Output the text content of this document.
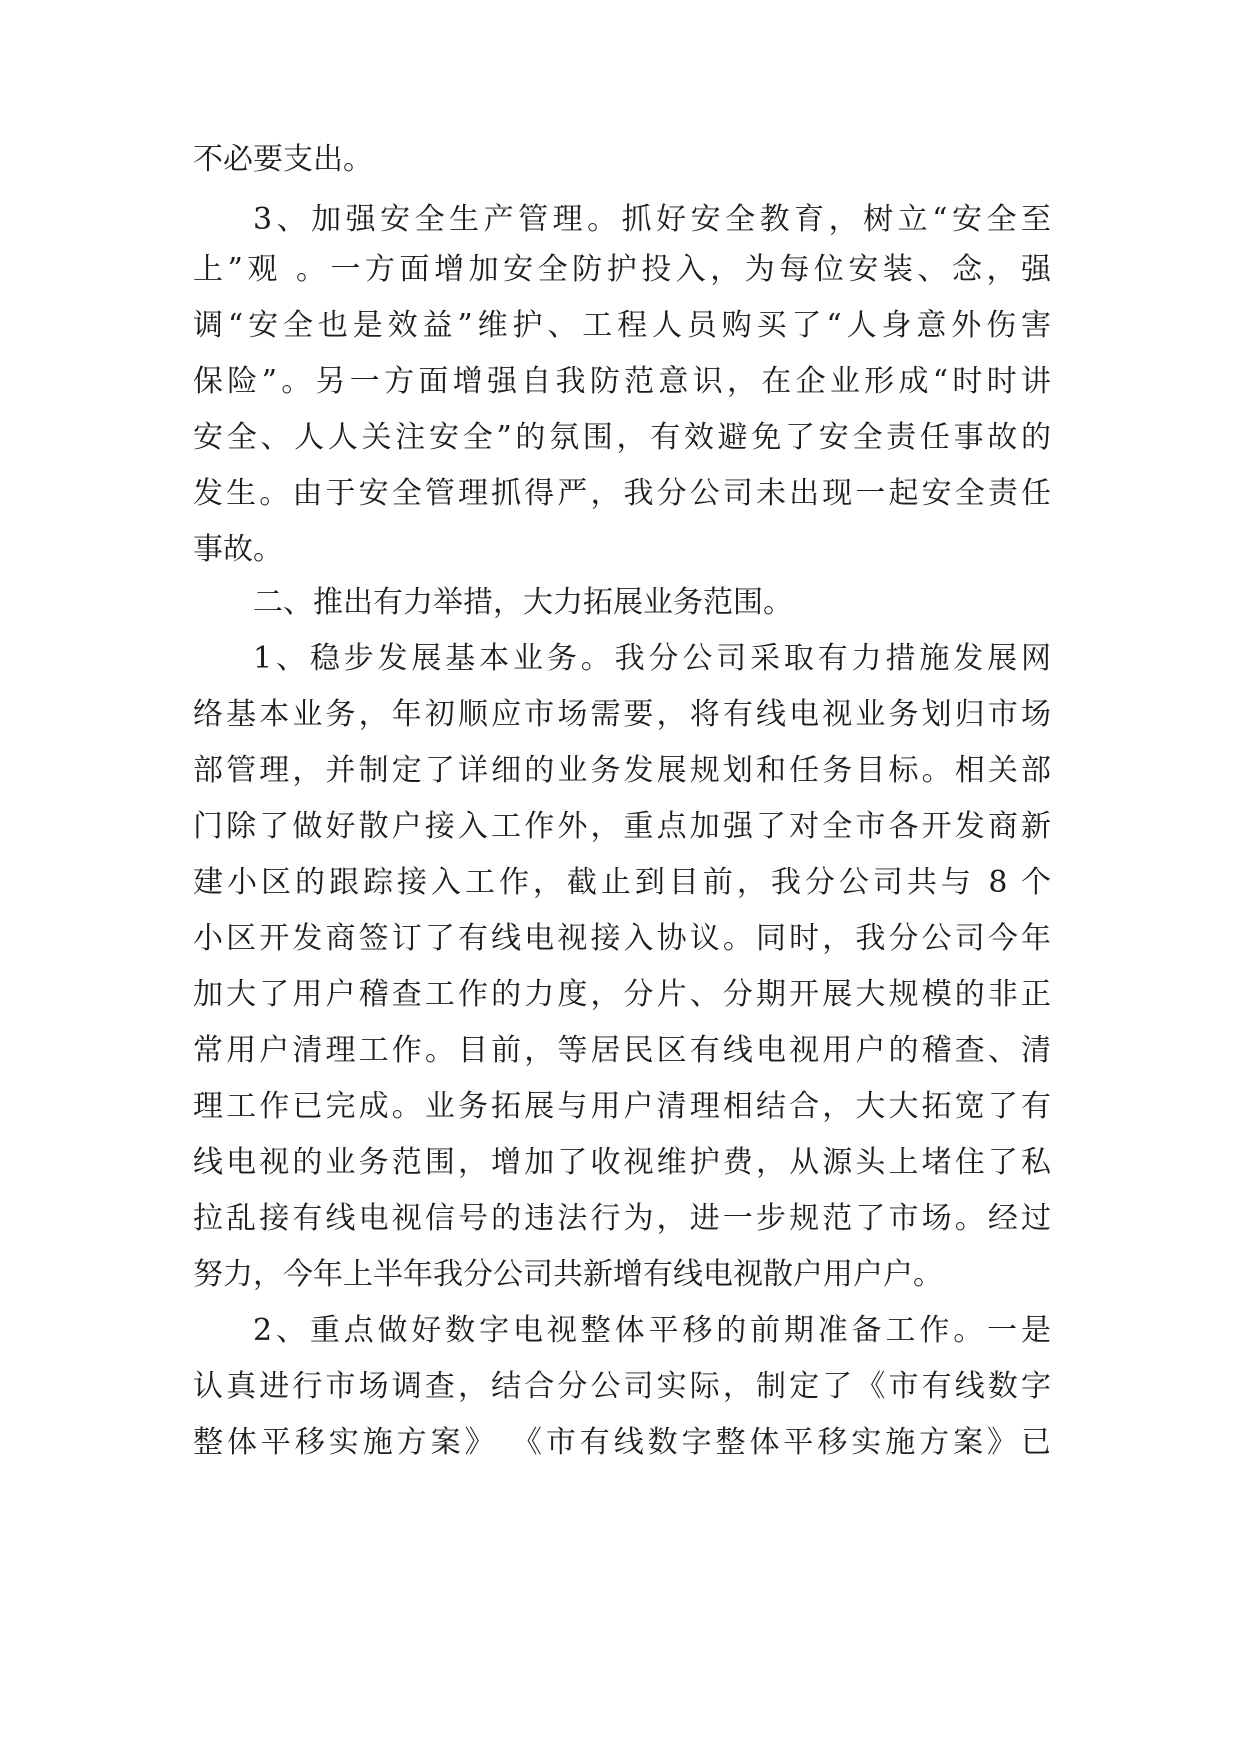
不必要支出。
3、加强安全生产管理。抓好安全教育，树立“安全至
上”观 。一方面增加安全防护投入，为每位安装、念，强
调“安全也是效益”维护、工程人员购买了“人身意外伤害
保险”。另一方面增强自我防范意识，在企业形成“时时讲
安全、人人关注安全”的氛围，有效避免了安全责任事故的
发生。由于安全管理抓得严，我分公司未出现一起安全责任
事故。
二、推出有力举措，大力拓展业务范围。
1、稳步发展基本业务。我分公司采取有力措施发展网
络基本业务，年初顺应市场需要，将有线电视业务划归市场
部管理，并制定了详细的业务发展规划和任务目标。相关部
门除了做好散户接入工作外，重点加强了对全市各开发商新
建小区的跟踪接入工作，截止到目前，我分公司共与 8 个
小区开发商签订了有线电视接入协议。同时，我分公司今年
加大了用户稽查工作的力度，分片、分期开展大规模的非正
常用户清理工作。目前，等居民区有线电视用户的稽查、清
理工作已完成。业务拓展与用户清理相结合，大大拓宽了有
线电视的业务范围，增加了收视维护费，从源头上堵住了私
拉乱接有线电视信号的违法行为，进一步规范了市场。经过
努力，今年上半年我分公司共新增有线电视散户用户户。
2、重点做好数字电视整体平移的前期准备工作。一是
认真进行市场调查，结合分公司实际，制定了《市有线数字
整体平移实施方案》 《市有线数字整体平移实施方案》已
